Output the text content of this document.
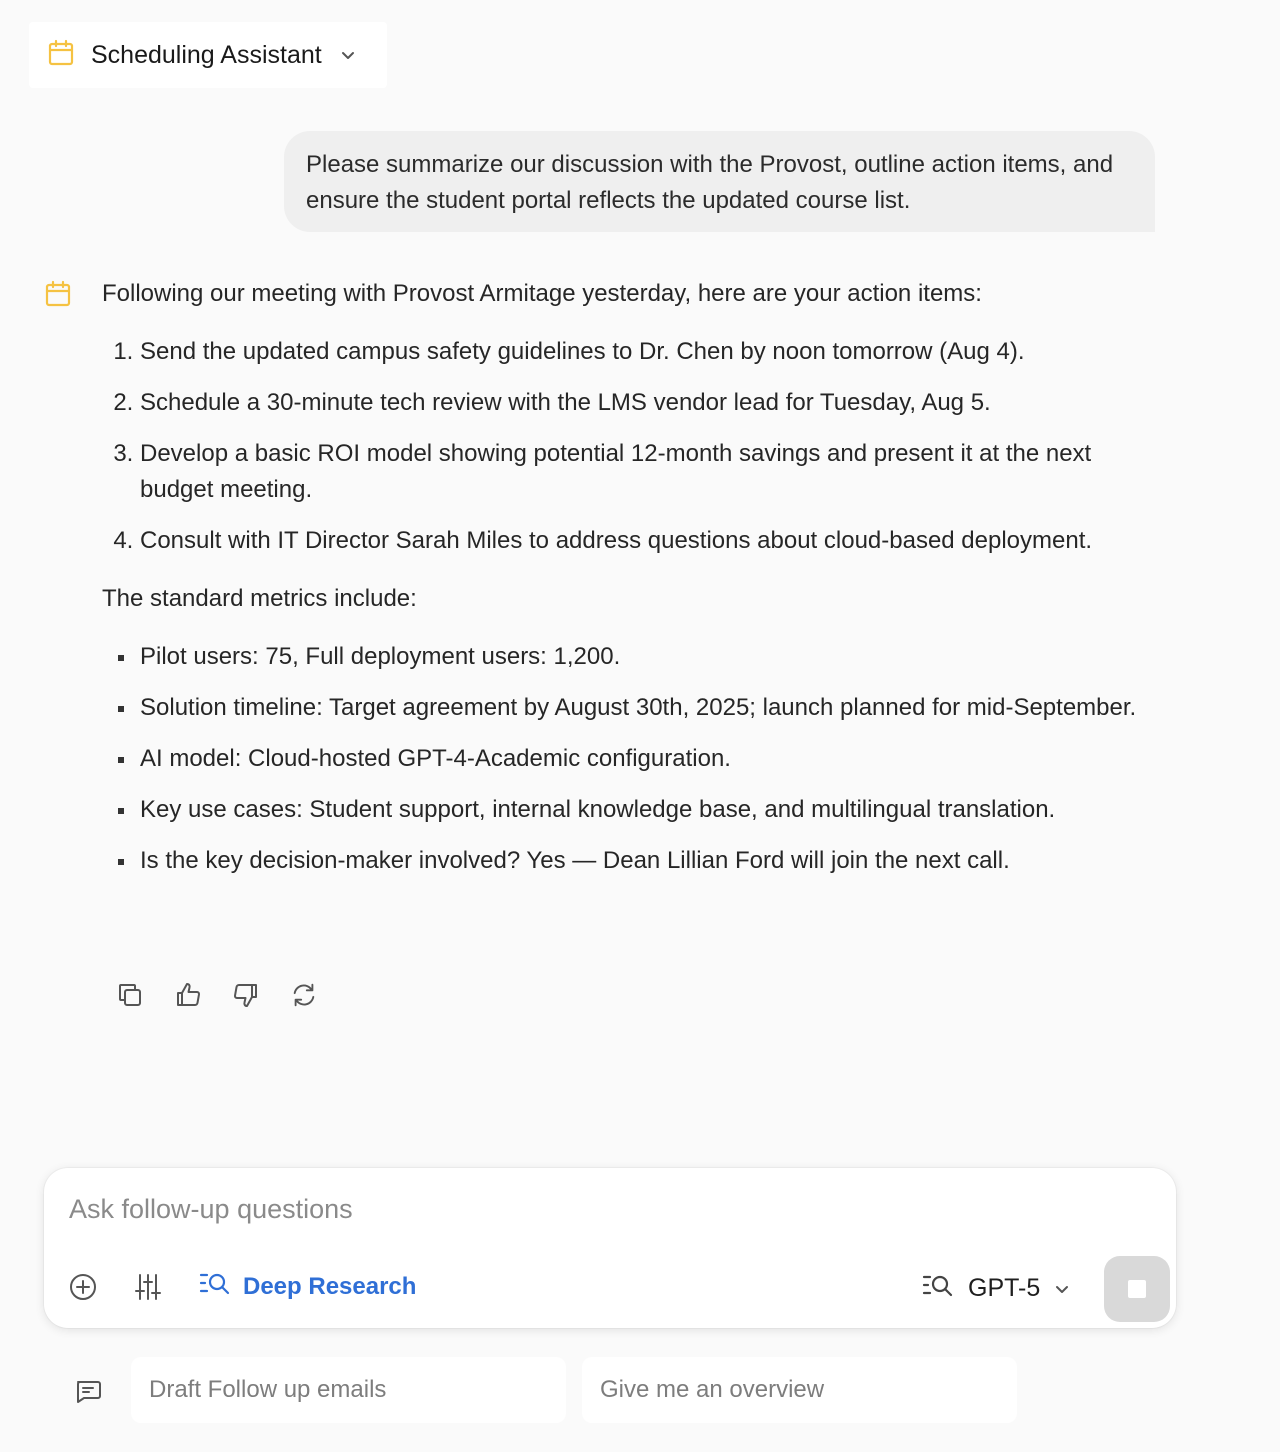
Scheduling Assistant
Please summarize our discussion with the Provost, outline action items, and ensure the student portal reflects the updated course list.

Following our meeting with Provost Armitage yesterday, here are your action items:

1. Send the updated campus safety guidelines to Dr. Chen by noon tomorrow (Aug 4).
2. Schedule a 30-minute tech review with the LMS vendor lead for Tuesday, Aug 5.
3. Develop a basic ROI model showing potential 12-month savings and present it at the next budget meeting.
4. Consult with IT Director Sarah Miles to address questions about cloud-based deployment.

The standard metrics include:

Pilot users: 75, Full deployment users: 1,200.
Solution timeline: Target agreement by August 30th, 2025; launch planned for mid-September.
AI model: Cloud-hosted GPT-4-Academic configuration.
Key use cases: Student support, internal knowledge base, and multilingual translation.
Is the key decision-maker involved? Yes — Dean Lillian Ford will join the next call.
Ask follow-up questions
Deep Research	GPT-5
Draft Follow up emails	Give me an overview
